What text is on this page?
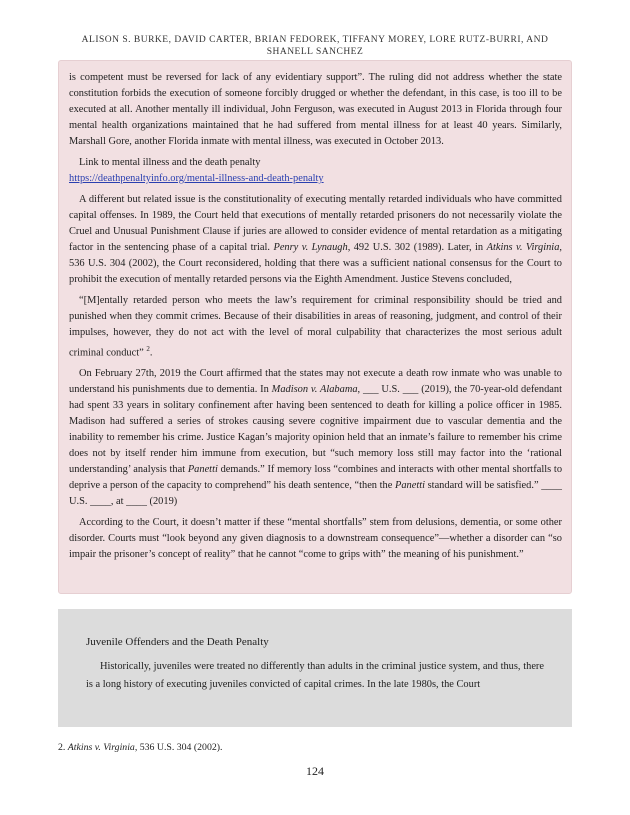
ALISON S. BURKE, DAVID CARTER, BRIAN FEDOREK, TIFFANY MOREY, LORE RUTZ-BURRI, AND SHANELL SANCHEZ

is competent must be reversed for lack of any evidentiary support”. The ruling did not address whether the state constitution forbids the execution of someone forcibly drugged or whether the defendant, in this case, is too ill to be executed at all. Another mentally ill individual, John Ferguson, was executed in August 2013 in Florida through four mental health organizations maintained that he had suffered from mental illness for at least 40 years. Similarly, Marshall Gore, another Florida inmate with mental illness, was executed in October 2013.

Link to mental illness and the death penalty

https://deathpenaltyinfo.org/mental-illness-and-death-penalty

A different but related issue is the constitutionality of executing mentally retarded individuals who have committed capital offenses. In 1989, the Court held that executions of mentally retarded prisoners do not necessarily violate the Cruel and Unusual Punishment Clause if juries are allowed to consider evidence of mental retardation as a mitigating factor in the sentencing phase of a capital trial. Penry v. Lynaugh, 492 U.S. 302 (1989). Later, in Atkins v. Virginia, 536 U.S. 304 (2002), the Court reconsidered, holding that there was a sufficient national consensus for the Court to prohibit the execution of mentally retarded persons via the Eighth Amendment. Justice Stevens concluded,

“[M]entally retarded person who meets the law’s requirement for criminal responsibility should be tried and punished when they commit crimes. Because of their disabilities in areas of reasoning, judgment, and control of their impulses, however, they do not act with the level of moral culpability that characterizes the most serious adult criminal conduct” $^2$.

On February 27th, 2019 the Court affirmed that the states may not execute a death row inmate who was unable to understand his punishments due to dementia. In Madison v. Alabama, ___ U.S. ___ (2019), the 70-year-old defendant had spent 33 years in solitary confinement after having been sentenced to death for killing a police officer in 1985. Madison had suffered a series of strokes causing severe cognitive impairment due to vascular dementia and the inability to remember his crime. Justice Kagan’s majority opinion held that an inmate’s failure to remember his crime does not by itself render him immune from execution, but “such memory loss still may factor into the ‘rational understanding’ analysis that Panetti demands.” If memory loss “combines and interacts with other mental shortfalls to deprive a person of the capacity to comprehend” his death sentence, “then the Panetti standard will be satisfied.” ____ U.S. ____, at ____ (2019)

According to the Court, it doesn’t matter if these “mental shortfalls” stem from delusions, dementia, or some other disorder. Courts must “look beyond any given diagnosis to a downstream consequence”—whether a disorder can “so impair the prisoner’s concept of reality” that he cannot “come to grips with” the meaning of his punishment.”

Juvenile Offenders and the Death Penalty

Historically, juveniles were treated no differently than adults in the criminal justice system, and thus, there is a long history of executing juveniles convicted of capital crimes. In the late 1980s, the Court

2. Atkins v. Virginia, 536 U.S. 304 (2002).
124
